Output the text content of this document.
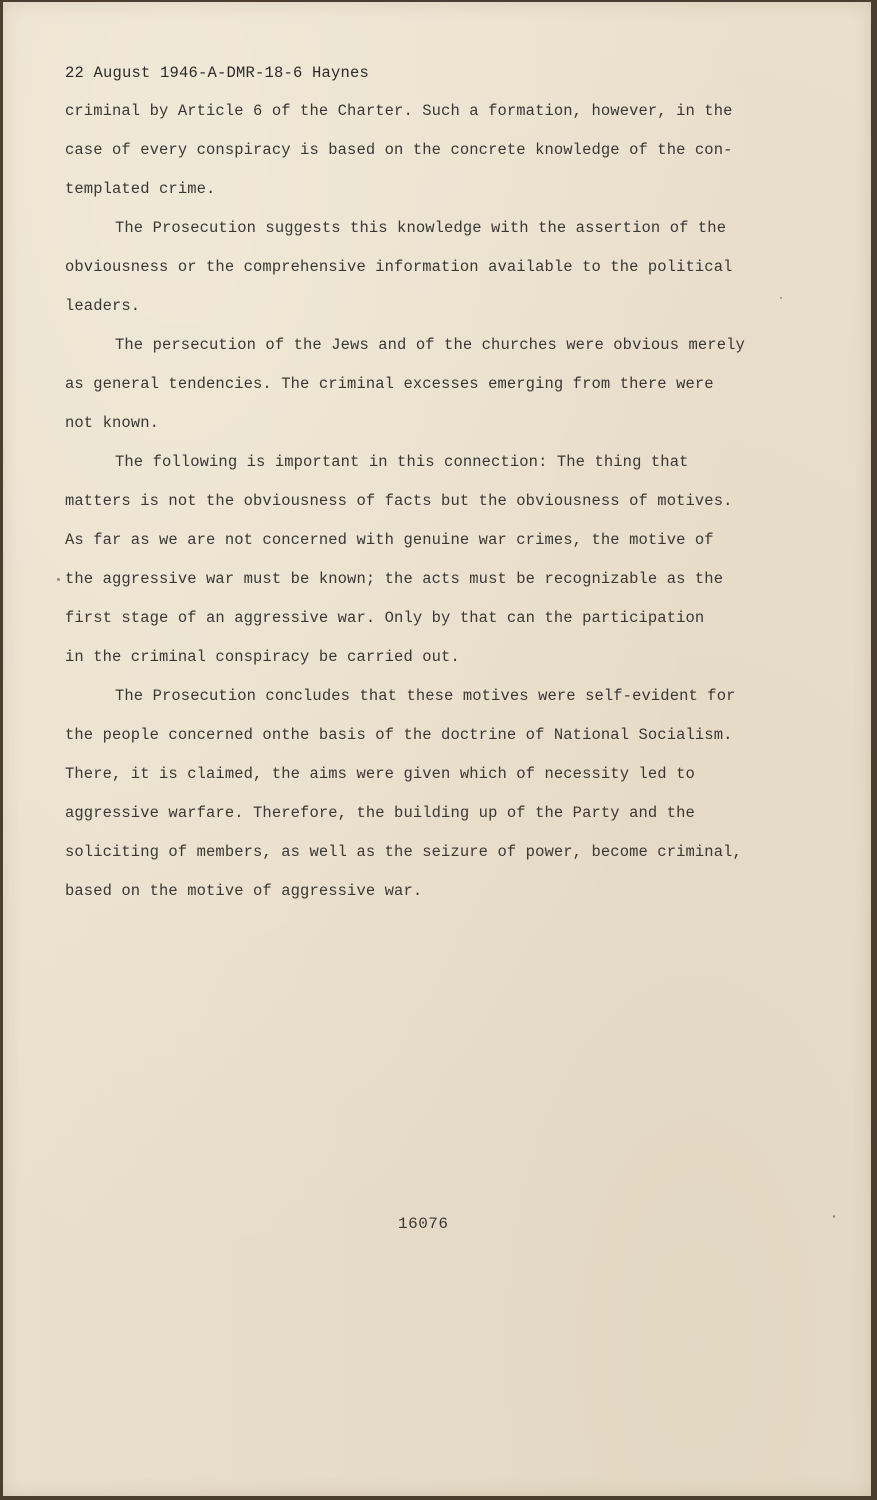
22 August 1946-A-DMR-18-6 Haynes
criminal by Article 6 of the Charter. Such a formation, however, in the
case of every conspiracy is based on the concrete knowledge of the con-
templated crime.
The Prosecution suggests this knowledge with the assertion of the
obviousness or the comprehensive information available to the political
leaders.
The persecution of the Jews and of the churches were obvious merely
as general tendencies. The criminal excesses emerging from there were
not known.
The following is important in this connection: The thing that
matters is not the obviousness of facts but the obviousness of motives.
As far as we are not concerned with genuine war crimes, the motive of
the aggressive war must be known; the acts must be recognizable as the
first stage of an aggressive war. Only by that can the participation
in the criminal conspiracy be carried out.
The Prosecution concludes that these motives were self-evident for
the people concerned onthe basis of the doctrine of National Socialism.
There, it is claimed, the aims were given which of necessity led to
aggressive warfare. Therefore, the building up of the Party and the
soliciting of members, as well as the seizure of power, become criminal,
based on the motive of aggressive war.
16076
